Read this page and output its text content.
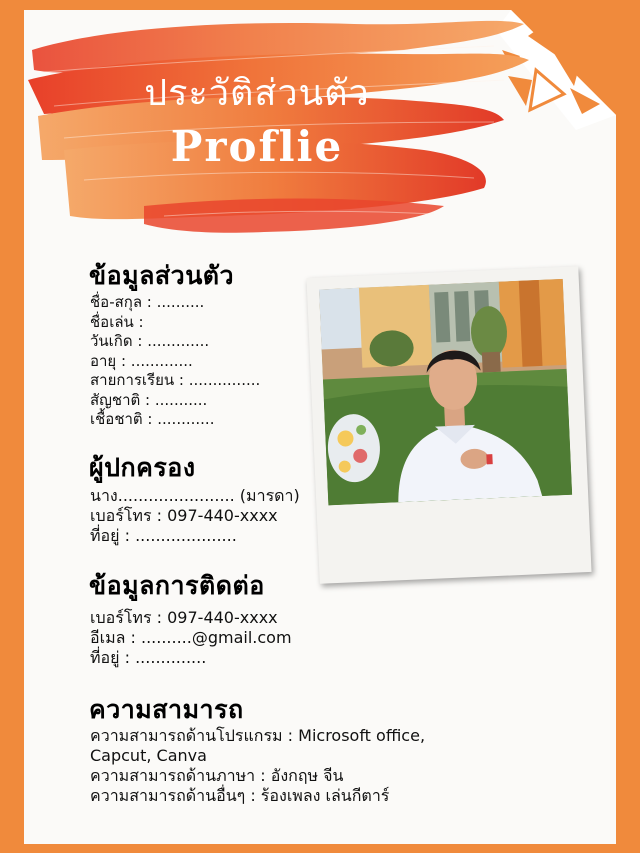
ประวัติส่วนตัว
Proflie
ข้อมูลส่วนตัว
ชื่อ-สกุล : ..........
ชื่อเล่น :
วันเกิด : .............
อายุ : .............
สายการเรียน : ...............
สัญชาติ : ...........
เชื้อชาติ : ............
ผู้ปกครอง
นาง....................... (มารดา)
เบอร์โทร : 097-440-xxxx
ที่อยู่ : ....................
ข้อมูลการติดต่อ
เบอร์โทร : 097-440-xxxx
อีเมล : ..........@gmail.com
ที่อยู่ : ..............
ความสามารถ
ความสามารถด้านโปรแกรม : Microsoft office,
Capcut, Canva
ความสามารถด้านภาษา : อังกฤษ จีน
ความสามารถด้านอื่นๆ : ร้องเพลง เล่นกีตาร์
